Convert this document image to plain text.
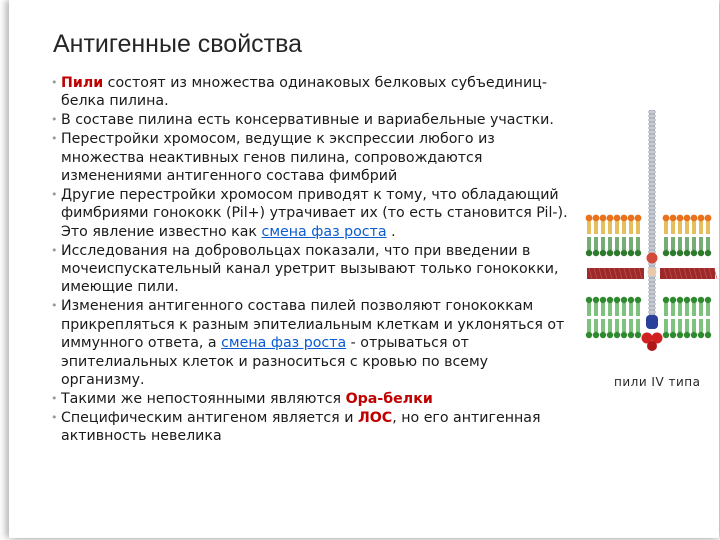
Антигенные свойства
• Пили состоят из множества одинаковых белковых субъединиц-белка пилина.
• В составе пилина есть консервативные и вариабельные участки.
• Перестройки хромосом, ведущие к экспрессии любого из множества неактивных генов пилина, сопровождаются изменениями антигенного состава фимбрий
• Другие перестройки хромосом приводят к тому, что обладающий фимбриями гонококк (Pil+) утрачивает их (то есть становится Pil-). Это явление известно как смена фаз роста .
• Исследования на добровольцах показали, что при введении в мочеиспускательный канал уретрит вызывают только гонококки, имеющие пили.
• Изменения антигенного состава пилей позволяют гонококкам прикрепляться к разным эпителиальным клеткам и уклоняться от иммунного ответа, а смена фаз роста - отрываться от эпителиальных клеток и разноситься с кровью по всему организму.
• Такими же непостоянными являются Opa-белки
• Специфическим антигеном является и ЛОС, но его антигенная активность невелика
пили IV типа
